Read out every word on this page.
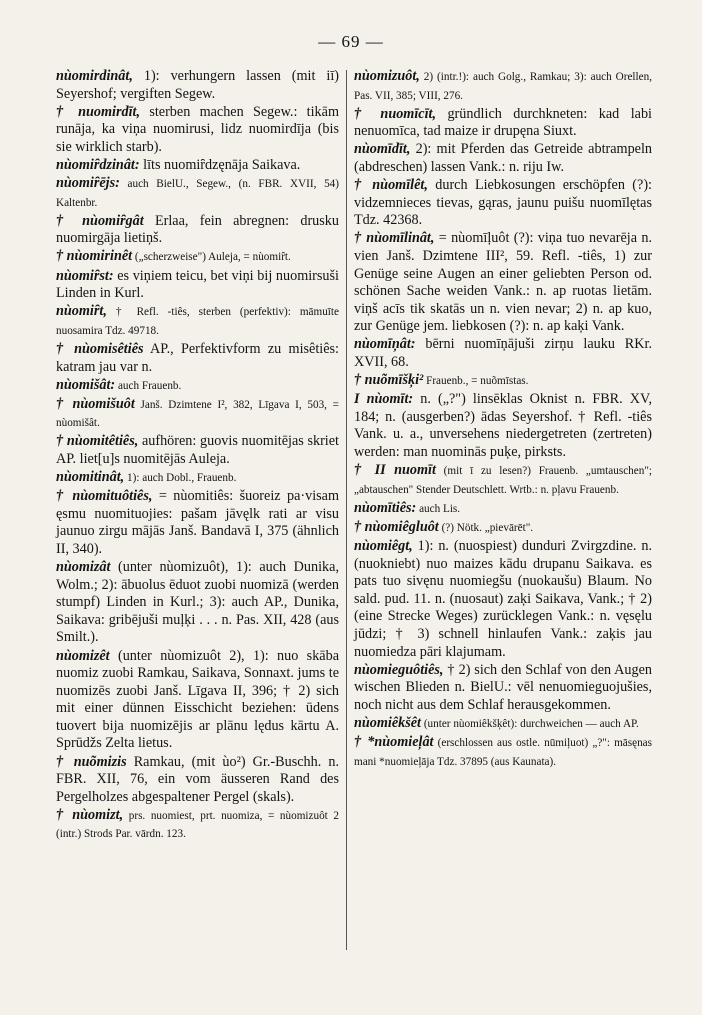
— 69 —
nùomirdinât, 1): verhungern lassen (mit iī) Seyershof; vergiften Segew.
† nuomirdīt, sterben machen Segew.: tikām runāja, ka viņa nuomirusi, lidz nuomirdīja (bis sie wirklich starb).
nùomiȓdzinât: līts nuomiȓdzęnāja Saikava.
nùomiȓējs: auch BielU., Segew., (n. FBR. XVII, 54) Kaltenbr.
† nùomiȓgât Erlaa, fein abregnen: drusku nuomirgāja lietiņš.
† nùomirinêt („scherzweise") Auleja, = nùomiȓt.
nùomiȓst: es viņiem teicu, bet viņi bij nuomirsuši Linden in Kurl.
nùomiȓt, † Refl. -tiês, sterben (perfektiv): māmuīte nuosamira Tdz. 49718.
† nùomisêtiês AP., Perfektivform zu misêtiês: katram jau var n.
nùomišât: auch Frauenb.
† nùomišuôt Janš. Dzimtene I², 382, Līgava I, 503, = nùomišât.
† nùomitêtiês, aufhören: guovis nuomitējas skriet AP. liet[u]s nuomitējās Auleja.
nùomitinât, 1): auch Dobl., Frauenb.
† nùomituôtiês, = nùomitiês: šuoreiz pa·visam ęsmu nuomituojies: pašam jāvęlk rati ar visu jaunuo zirgu mājās Janš. Bandavā I, 375 (ähnlich II, 340).
nùomizât (unter nùomizuôt), 1): auch Dunika, Wolm.; 2): ābuolus ēduot zuobi nuomizā (werden stumpf) Linden in Kurl.; 3): auch AP., Dunika, Saikava: gribējuši muļķi . . . n. Pas. XII, 428 (aus Smilt.).
nùomizêt (unter nùomizuôt 2), 1): nuo skāba nuomiz zuobi Ramkau, Saikava, Sonnaxt. jums te nuomizēs zuobi Janš. Līgava II, 396; † 2) sich mit einer dünnen Eisschicht beziehen: ūdens tuovert bija nuomizējis ar plānu lędus kārtu A. Sprūdžs Zelta lietus.
† nuõmizis Ramkau, (mit ùo²) Gr.-Buschh. n. FBR. XII, 76, ein vom äusseren Rand des Pergelholzes abgespaltener Pergel (skals).
† nùomizt, prs. nuomiest, prt. nuomiza, = nùomizuôt 2 (intr.) Strods Par. vārdn. 123.
nùomizuôt, 2) (intr.!): auch Golg., Ramkau; 3): auch Orellen, Pas. VII, 385; VIII, 276.
† nuomīcīt, gründlich durchkneten: kad labi nenuomīca, tad maize ir drupęna Siuxt.
nùomīdīt, 2): mit Pferden das Getreide abtrampeln (abdreschen) lassen Vank.: n. riju Iw.
† nùomīlêt, durch Liebkosungen erschöpfen (?): vidzemnieces tievas, gąras, jaunu puišu nuomīlętas Tdz. 42368.
† nùomīlinât, = nùomīļuôt (?): viņa tuo nevarēja n. vien Janš. Dzimtene III², 59. Refl. -tiês, 1) zur Genüge seine Augen an einer geliebten Person od. schönen Sache weiden Vank.: n. ap ruotas lietām. viņš acīs tik skatās un n. vien nevar; 2) n. ap kuo, zur Genüge jem. liebkosen (?): n. ap kaķi Vank.
nùomīņât: bērni nuomīņājuši zirņu lauku RKr. XVII, 68.
† nuõmīšķi² Frauenb., = nuõmīstas.
I nùomīt: n. („?") linsēklas Oknist n. FBR. XV, 184; n. (ausgerben?) ādas Seyershof. † Refl. -tiês Vank. u. a., unversehens niedergetreten (zertreten) werden: man nuominās puķe, pirksts.
† II nuomīt (mit ī zu lesen?) Frauenb. „umtauschen"; „abtauschen" Stender Deutschlett. Wrtb.: n. pļavu Frauenb.
nùomītiês: auch Lis.
† nùomiêgluôt (?) Nötk. „pievārēt".
nùomiêgt, 1): n. (nuospiest) dunduri Zvirgzdine. n. (nuokniebt) nuo maizes kādu drupanu Saikava. es pats tuo sivęnu nuomiegšu (nuokaušu) Blaum. No sald. pud. 11. n. (nuosaut) zaķi Saikava, Vank.; † 2) (eine Strecke Weges) zurücklegen Vank.: n. vęsęlu jūdzi; † 3) schnell hinlaufen Vank.: zaķis jau nuomiedza pāri klajumam.
nùomieguôtiês, † 2) sich den Schlaf von den Augen wischen Blieden n. BielU.: vēl nenuomieguojušies, noch nicht aus dem Schlaf herausgekommen.
nùomiêkšêt (unter nùomiêkšķêt): durchweichen — auch AP.
† *nùomieļât (erschlossen aus ostle. nūmiļuot) „?": māsęnas mani *nuomieļāja Tdz. 37895 (aus Kaunata).
